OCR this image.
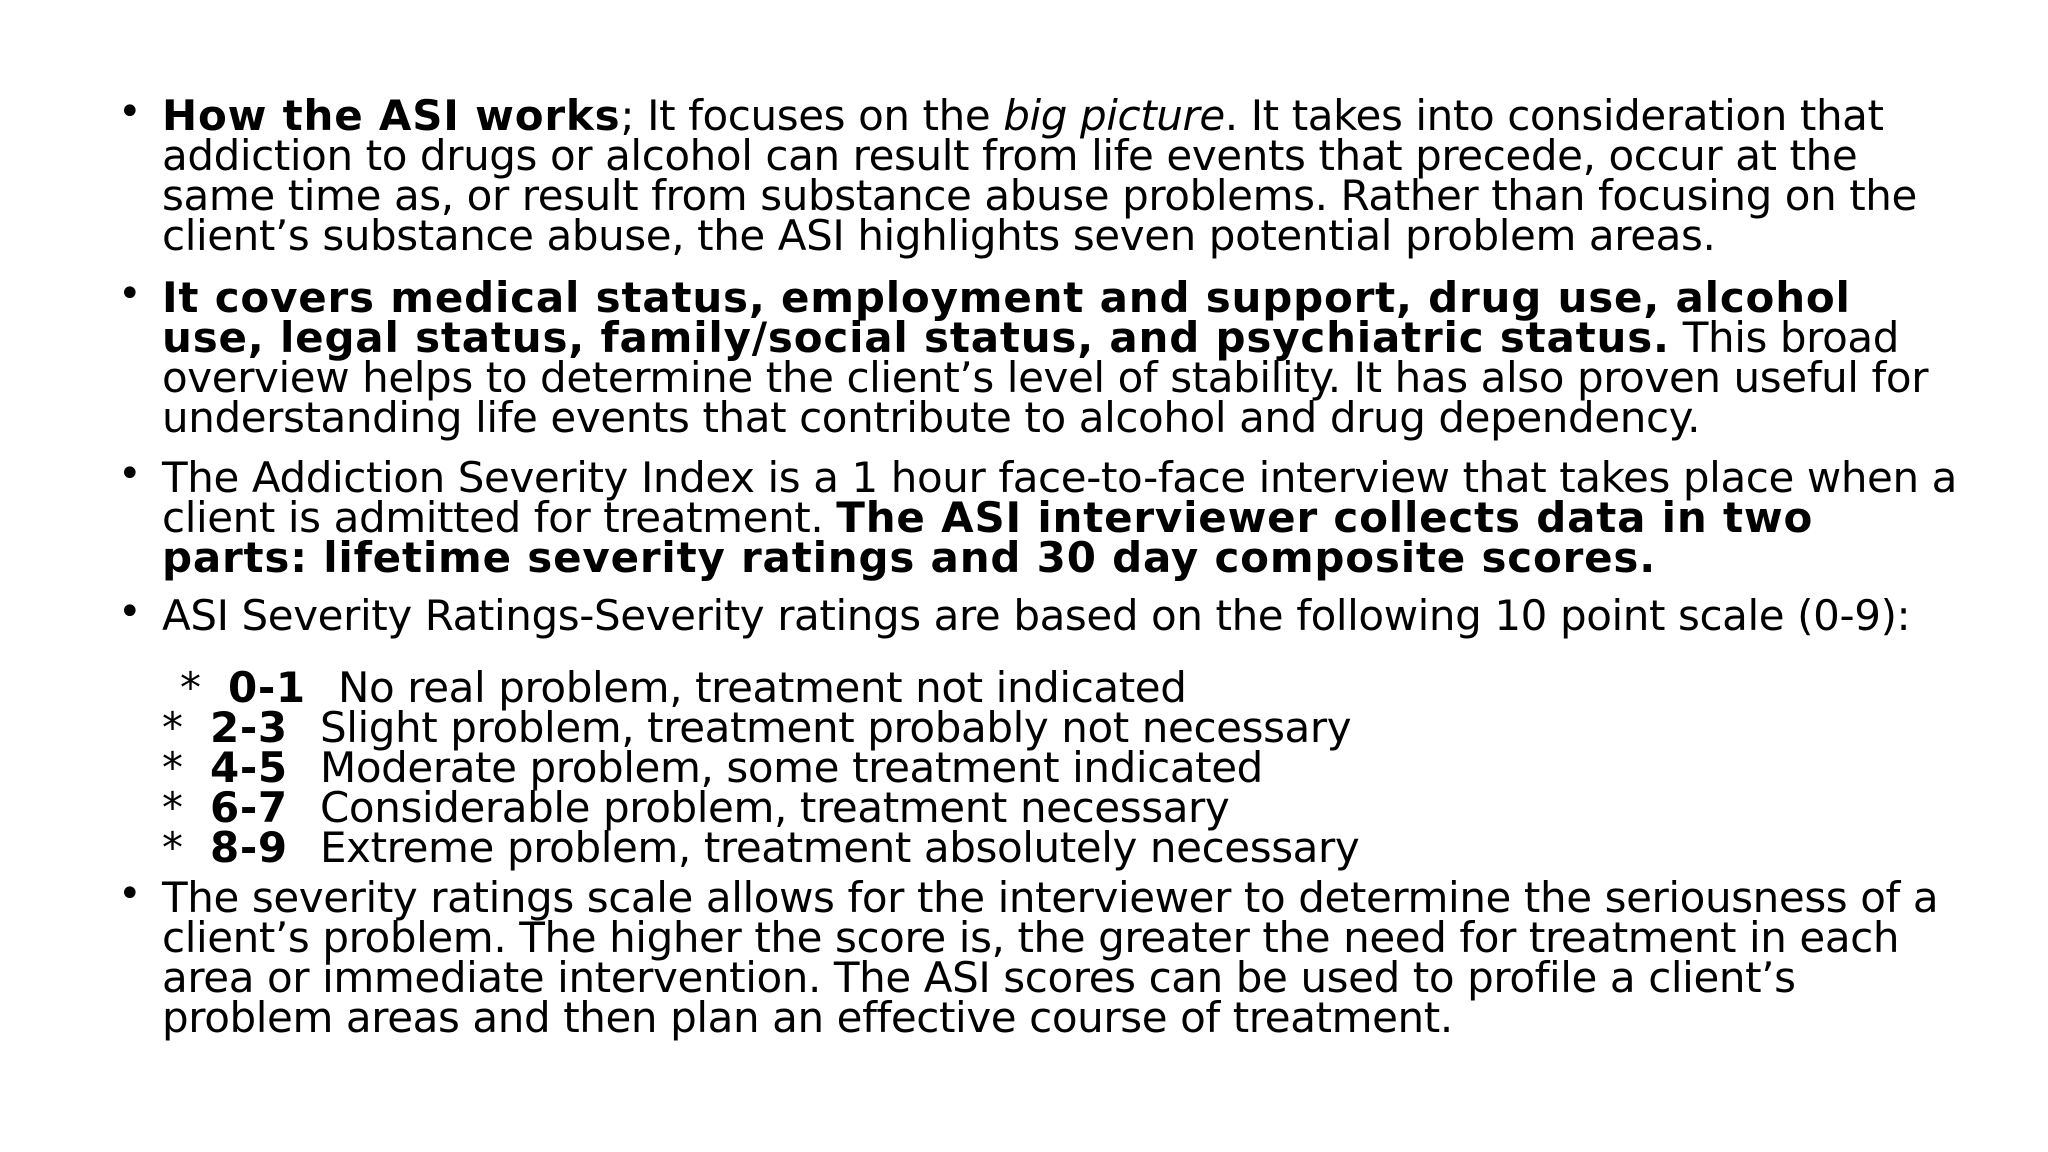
• How the ASI works; It focuses on the big picture. It takes into consideration that addiction to drugs or alcohol can result from life events that precede, occur at the same time as, or result from substance abuse problems. Rather than focusing on the client’s substance abuse, the ASI highlights seven potential problem areas.
• It covers medical status, employment and support, drug use, alcohol use, legal status, family/social status, and psychiatric status. This broad overview helps to determine the client’s level of stability. It has also proven useful for understanding life events that contribute to alcohol and drug dependency.
• The Addiction Severity Index is a 1 hour face-to-face interview that takes place when a client is admitted for treatment. The ASI interviewer collects data in two parts: lifetime severity ratings and 30 day composite scores.
• ASI Severity Ratings-Severity ratings are based on the following 10 point scale (0-9):
* 0-1 No real problem, treatment not indicated
* 2-3 Slight problem, treatment probably not necessary
* 4-5 Moderate problem, some treatment indicated
* 6-7 Considerable problem, treatment necessary
* 8-9 Extreme problem, treatment absolutely necessary
• The severity ratings scale allows for the interviewer to determine the seriousness of a client’s problem. The higher the score is, the greater the need for treatment in each area or immediate intervention. The ASI scores can be used to profile a client’s problem areas and then plan an effective course of treatment.
